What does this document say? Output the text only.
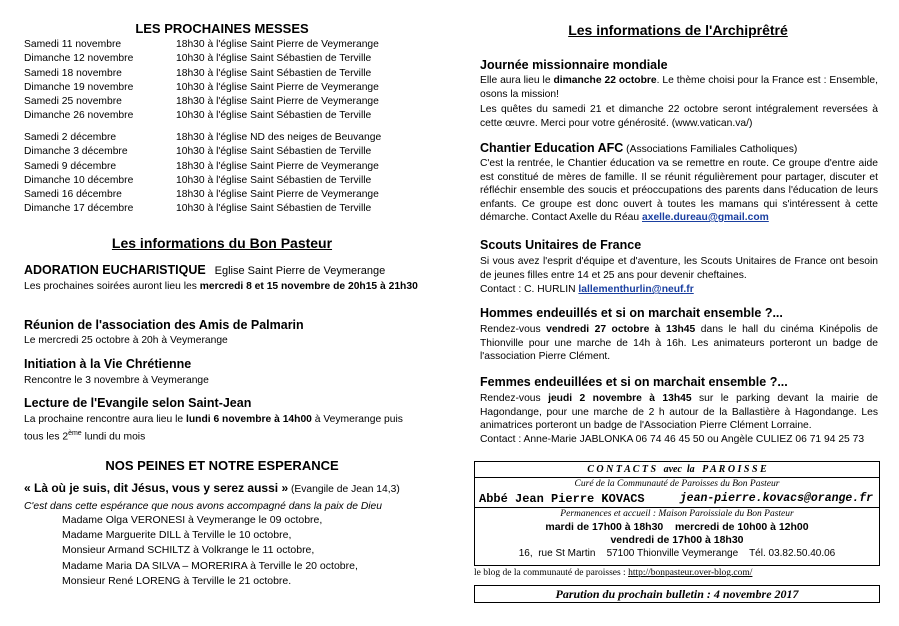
LES PROCHAINES MESSES
Samedi 11 novembre	18h30 à l'église Saint Pierre de Veymerange
Dimanche 12 novembre	10h30 à l'église Saint Sébastien de Terville
Samedi 18 novembre	18h30 à l'église Saint Sébastien de Terville
Dimanche 19 novembre	10h30 à l'église Saint Pierre de Veymerange
Samedi 25 novembre	18h30 à l'église Saint Pierre de Veymerange
Dimanche 26 novembre	10h30 à l'église Saint Sébastien de Terville
Samedi 2 décembre	18h30 à l'église ND des neiges de Beuvange
Dimanche 3 décembre	10h30 à l'église Saint Sébastien de Terville
Samedi 9 décembre	18h30 à l'église Saint Pierre de Veymerange
Dimanche 10 décembre	10h30 à l'église Saint Sébastien de Terville
Samedi 16 décembre	18h30 à l'église Saint Pierre de Veymerange
Dimanche 17 décembre	10h30 à l'église Saint Sébastien de Terville
Les informations du Bon Pasteur
ADORATION EUCHARISTIQUE Eglise Saint Pierre de Veymerange
Les prochaines soirées auront lieu les mercredi 8 et 15 novembre de 20h15 à 21h30
Réunion de l'association des Amis de Palmarin
Le mercredi 25 octobre à 20h à Veymerange
Initiation à la Vie Chrétienne
Rencontre le 3 novembre à Veymerange
Lecture de l'Evangile selon Saint-Jean
La prochaine rencontre aura lieu le lundi 6 novembre à 14h00 à Veymerange puis tous les 2ème lundi du mois
NOS PEINES ET NOTRE ESPERANCE
« Là où je suis, dit Jésus, vous y serez aussi » (Evangile de Jean 14,3)
C'est dans cette espérance que nous avons accompagné dans la paix de Dieu
Madame Olga VERONESI à Veymerange le 09 octobre,
Madame Marguerite DILL à Terville le 10 octobre,
Monsieur Armand SCHILTZ à Volkrange le 11 octobre,
Madame Maria DA SILVA – MORERIRA à Terville le 20 octobre,
Monsieur René LORENG à Terville le 21 octobre.
Les informations de l'Archiprêtré
Journée missionnaire mondiale
Elle aura lieu le dimanche 22 octobre. Le thème choisi pour la France est : Ensemble, osons la mission!
Les quêtes du samedi 21 et dimanche 22 octobre seront intégralement reversées à cette œuvre. Merci pour votre générosité. (www.vatican.va/)
Chantier Education AFC (Associations Familiales Catholiques)
C'est la rentrée, le Chantier éducation va se remettre en route. Ce groupe d'entre aide est constitué de mères de famille. Il se réunit régulièrement pour partager, discuter et réfléchir ensemble des soucis et préoccupations des parents dans l'éducation de leurs enfants. Ce groupe est donc ouvert à toutes les mamans qui s'intéressent à cette démarche. Contact Axelle du Réau axelle.dureau@gmail.com
Scouts Unitaires de France
Si vous avez l'esprit d'équipe et d'aventure, les Scouts Unitaires de France ont besoin de jeunes filles entre 14 et 25 ans pour devenir cheftaines.
Contact : C. HURLIN lallementhurlin@neuf.fr
Hommes endeuillés et si on marchait ensemble ?...
Rendez-vous vendredi 27 octobre à 13h45 dans le hall du cinéma Kinépolis de Thionville pour une marche de 14h à 16h. Les animateurs porteront un badge de l'association Pierre Clément.
Femmes endeuillées et si on marchait ensemble ?...
Rendez-vous jeudi 2 novembre à 13h45 sur le parking devant la mairie de Hagondange, pour une marche de 2 h autour de la Ballastière à Hagondange. Les animatrices porteront un badge de l'Association Pierre Clément Lorraine.
Contact : Anne-Marie JABLONKA 06 74 46 45 50 ou Angèle CULIEZ 06 71 94 25 73
C O N T A C T S   avec  la   P A R O I S S E
Curé de la Communauté de Paroisses du Bon Pasteur
Abbé Jean Pierre KOVACS	jean-pierre.kovacs@orange.fr
Permanences et accueil : Maison Paroissiale du Bon Pasteur
mardi de 17h00 à 18h30    mercredi de 10h00 à 12h00
vendredi de 17h00 à 18h30
16,  rue St Martin    57100 Thionville Veymerange    Tél. 03.82.50.40.06
le blog de la communauté de paroisses : http://bonpasteur.over-blog.com/
Parution du prochain bulletin : 4 novembre 2017
